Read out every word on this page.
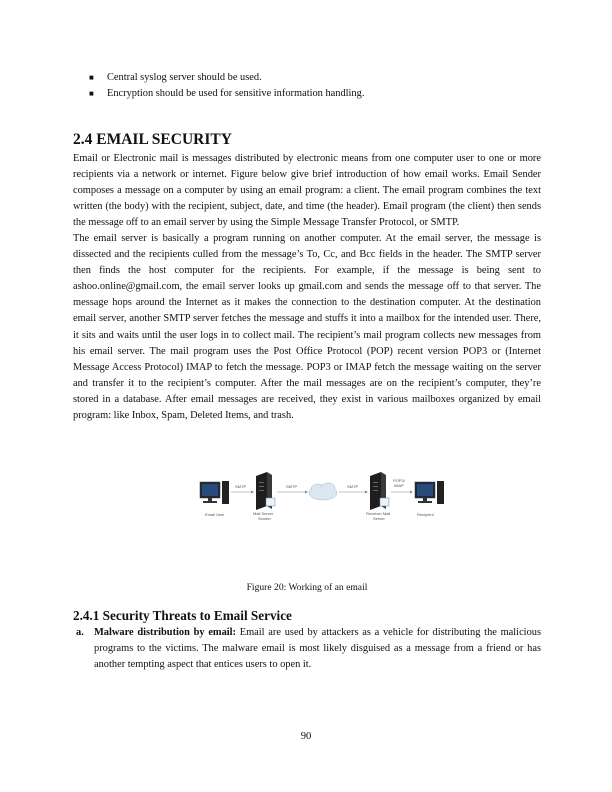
■ Central syslog server should be used.
■ Encryption should be used for sensitive information handling.
2.4 EMAIL SECURITY

Email or Electronic mail is messages distributed by electronic means from one computer user to one or more recipients via a network or internet. Figure below give brief introduction of how email works. Email Sender composes a message on a computer by using an email program: a client. The email program combines the text written (the body) with the recipient, subject, date, and time (the header). Email program (the client) then sends the message off to an email server by using the Simple Message Transfer Protocol, or SMTP.

The email server is basically a program running on another computer. At the email server, the message is dissected and the recipients culled from the message’s To, Cc, and Bcc fields in the header. The SMTP server then finds the host computer for the recipients. For example, if the message is being sent to ashoo.online@gmail.com, the email server looks up gmail.com and sends the message off to that server. The message hops around the Internet as it makes the connection to the destination computer. At the destination email server, another SMTP server fetches the message and stuffs it into a mailbox for the intended user. There, it sits and waits until the user logs in to collect mail. The recipient’s mail program collects new messages from his email server. The mail program uses the Post Office Protocol (POP) recent version POP3 or (Internet Message Access Protocol) IMAP to fetch the message. POP3 or IMAP fetch the message waiting on the server and transfer it to the recipient’s computer. After the mail messages are on the recipient’s computer, they’re stored in a database. After email messages are received, they exist in various mailboxes organized by email program: like Inbox, Spam, Deleted Items, and trash.

Email User
SMTP
Mail Server
Sender
SMTP	SMTP
Receiver Mail
Server
POP3/
IMAP
Recipient
Figure 20: Working of an email
2.4.1 Security Threats to Email Service
a. Malware distribution by email: Email are used by attackers as a vehicle for distributing the malicious programs to the victims. The malware email is most likely disguised as a message from a friend or has another tempting aspect that entices users to open it.
90
